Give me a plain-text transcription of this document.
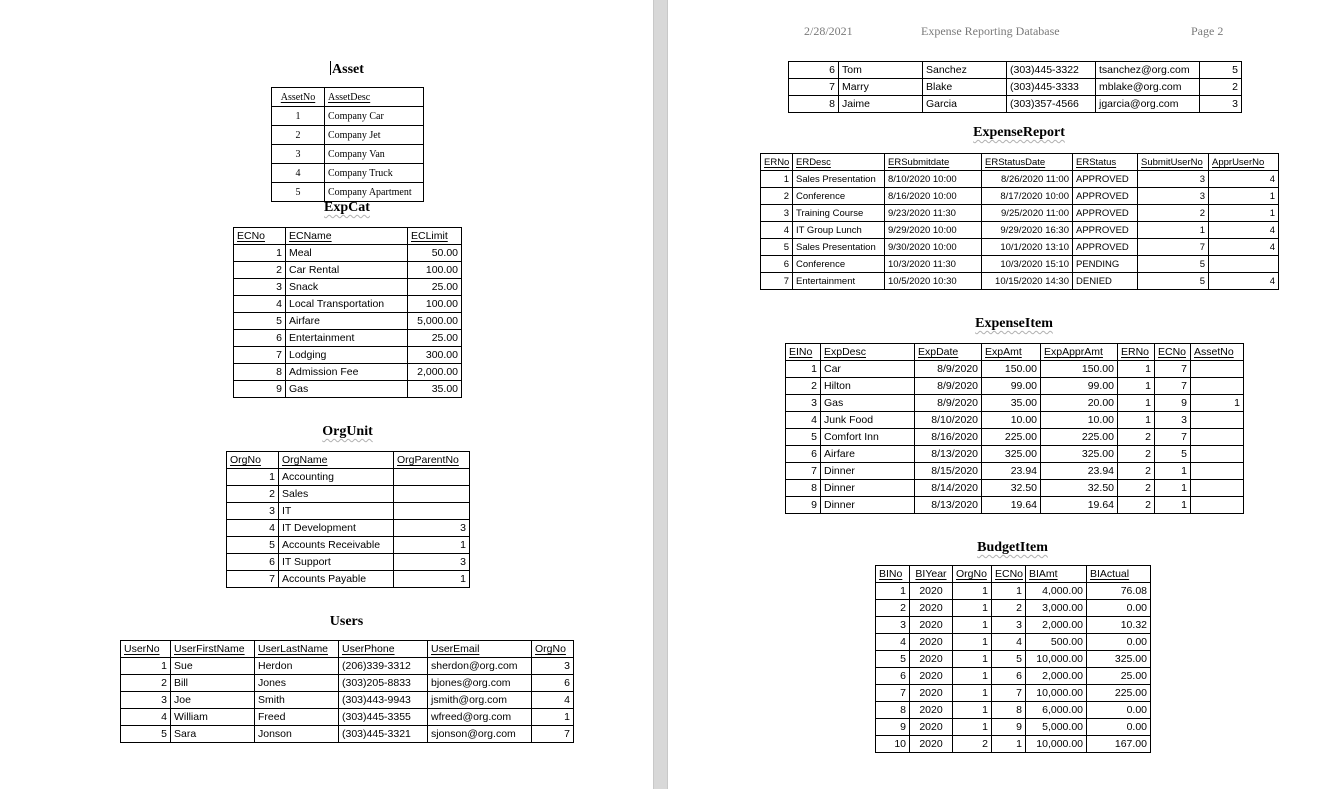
Asset
AssetNo	AssetDesc
1	Company Car
2	Company Jet
3	Company Van
4	Company Truck
5	Company Apartment
ExpCat
ECNo	ECName	ECLimit
1	Meal	50.00
2	Car Rental	100.00
3	Snack	25.00
4	Local Transportation	100.00
5	Airfare	5,000.00
6	Entertainment	25.00
7	Lodging	300.00
8	Admission Fee	2,000.00
9	Gas	35.00
OrgUnit
OrgNo	OrgName	OrgParentNo
1	Accounting	
2	Sales	
3	IT	
4	IT Development	3
5	Accounts Receivable	1
6	IT Support	3
7	Accounts Payable	1
Users
UserNo	UserFirstName	UserLastName	UserPhone	UserEmail	OrgNo
1	Sue	Herdon	(206)339-3312	sherdon@org.com	3
2	Bill	Jones	(303)205-8833	bjones@org.com	6
3	Joe	Smith	(303)443-9943	jsmith@org.com	4
4	William	Freed	(303)445-3355	wfreed@org.com	1
5	Sara	Jonson	(303)445-3321	sjonson@org.com	7
2/28/2021	Expense Reporting Database	Page 2
6	Tom	Sanchez	(303)445-3322	tsanchez@org.com	5
7	Marry	Blake	(303)445-3333	mblake@org.com	2
8	Jaime	Garcia	(303)357-4566	jgarcia@org.com	3
ExpenseReport
ERNo	ERDesc	ERSubmitdate	ERStatusDate	ERStatus	SubmitUserNo	ApprUserNo
1	Sales Presentation	8/10/2020 10:00	8/26/2020 11:00	APPROVED	3	4
2	Conference	8/16/2020 10:00	8/17/2020 10:00	APPROVED	3	1
3	Training Course	9/23/2020 11:30	9/25/2020 11:00	APPROVED	2	1
4	IT Group Lunch	9/29/2020 10:00	9/29/2020 16:30	APPROVED	1	4
5	Sales Presentation	9/30/2020 10:00	10/1/2020 13:10	APPROVED	7	4
6	Conference	10/3/2020 11:30	10/3/2020 15:10	PENDING	5	
7	Entertainment	10/5/2020 10:30	10/15/2020 14:30	DENIED	5	4
ExpenseItem
EINo	ExpDesc	ExpDate	ExpAmt	ExpApprAmt	ERNo	ECNo	AssetNo
1	Car	8/9/2020	150.00	150.00	1	7	
2	Hilton	8/9/2020	99.00	99.00	1	7	
3	Gas	8/9/2020	35.00	20.00	1	9	1
4	Junk Food	8/10/2020	10.00	10.00	1	3	
5	Comfort Inn	8/16/2020	225.00	225.00	2	7	
6	Airfare	8/13/2020	325.00	325.00	2	5	
7	Dinner	8/15/2020	23.94	23.94	2	1	
8	Dinner	8/14/2020	32.50	32.50	2	1	
9	Dinner	8/13/2020	19.64	19.64	2	1	
BudgetItem
BINo	BIYear	OrgNo	ECNo	BIAmt	BIActual
1	2020	1	1	4,000.00	76.08
2	2020	1	2	3,000.00	0.00
3	2020	1	3	2,000.00	10.32
4	2020	1	4	500.00	0.00
5	2020	1	5	10,000.00	325.00
6	2020	1	6	2,000.00	25.00
7	2020	1	7	10,000.00	225.00
8	2020	1	8	6,000.00	0.00
9	2020	1	9	5,000.00	0.00
10	2020	2	1	10,000.00	167.00
